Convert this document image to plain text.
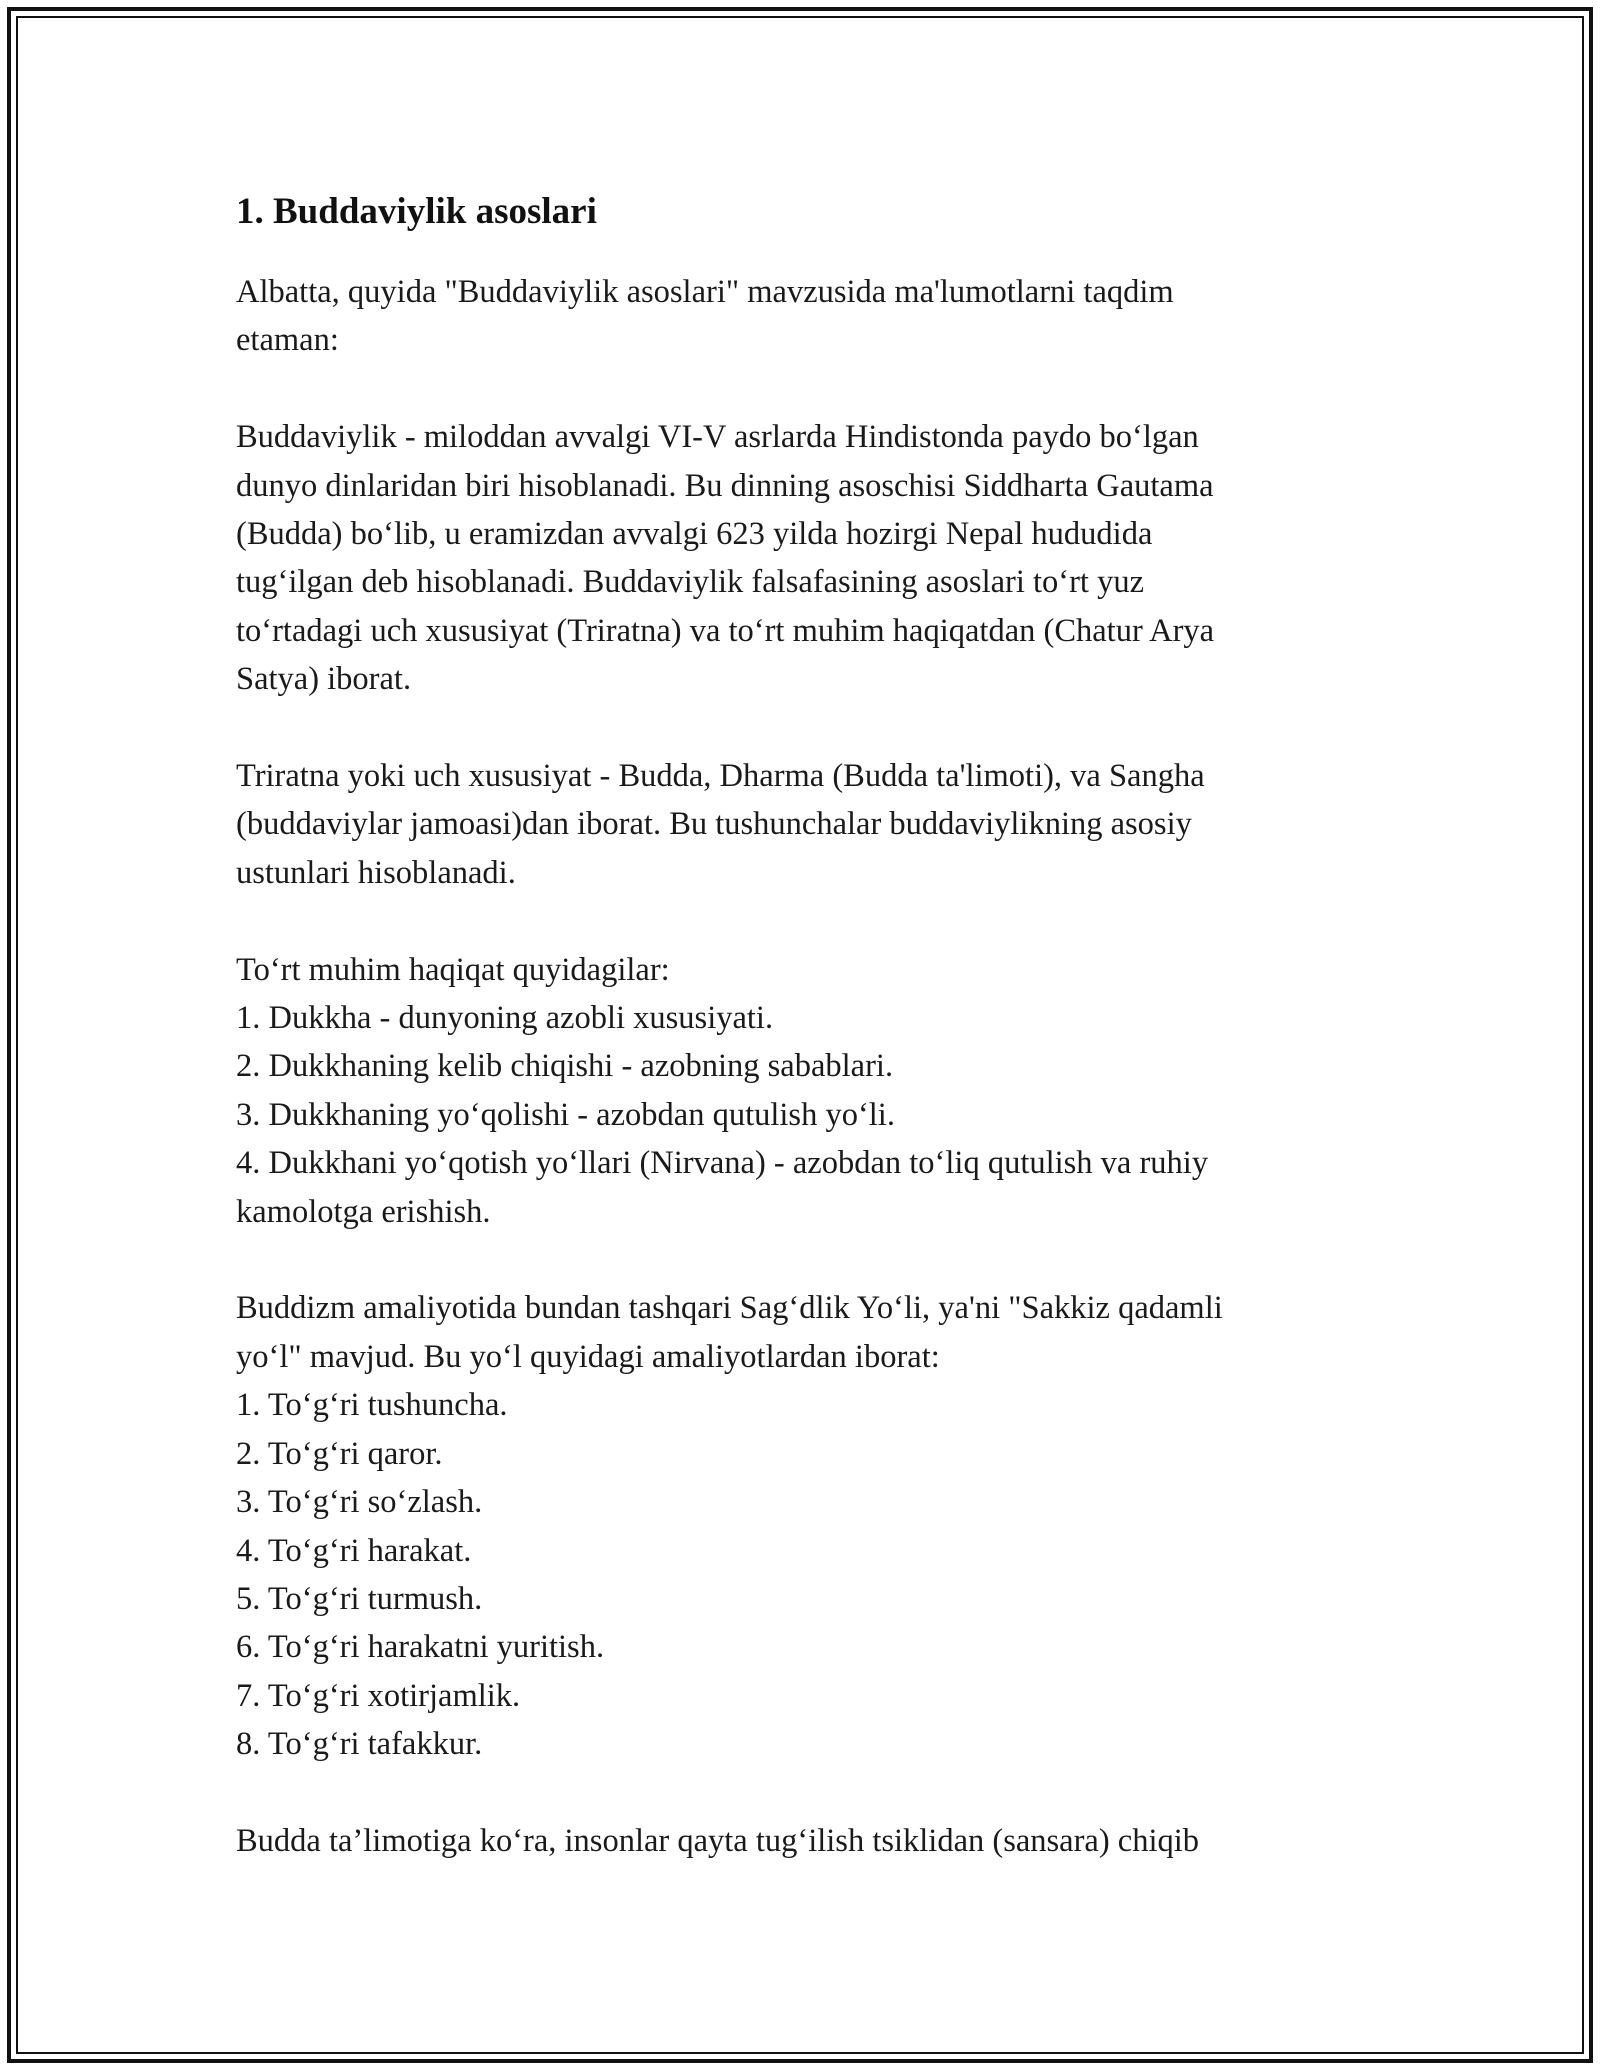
1. Buddaviylik asoslari

Albatta, quyida "Buddaviylik asoslari" mavzusida ma'lumotlarni taqdim
etaman:

Buddaviylik - miloddan avvalgi VI-V asrlarda Hindistonda paydo bo‘lgan
dunyo dinlaridan biri hisoblanadi. Bu dinning asoschisi Siddharta Gautama
(Budda) bo‘lib, u eramizdan avvalgi 623 yilda hozirgi Nepal hududida
tug‘ilgan deb hisoblanadi. Buddaviylik falsafasining asoslari to‘rt yuz
to‘rtadagi uch xususiyat (Triratna) va to‘rt muhim haqiqatdan (Chatur Arya
Satya) iborat.

Triratna yoki uch xususiyat - Budda, Dharma (Budda ta'limoti), va Sangha
(buddaviylar jamoasi)dan iborat. Bu tushunchalar buddaviylikning asosiy
ustunlari hisoblanadi.

To‘rt muhim haqiqat quyidagilar:

1. Dukkha - dunyoning azobli xususiyati.

2. Dukkhaning kelib chiqishi - azobning sabablari.

3. Dukkhaning yo‘qolishi - azobdan qutulish yo‘li.

4. Dukkhani yo‘qotish yo‘llari (Nirvana) - azobdan to‘liq qutulish va ruhiy
kamolotga erishish.

Buddizm amaliyotida bundan tashqari Sag‘dlik Yo‘li, ya'ni "Sakkiz qadamli
yo‘l" mavjud. Bu yo‘l quyidagi amaliyotlardan iborat:

1. To‘g‘ri tushuncha.

2. To‘g‘ri qaror.

3. To‘g‘ri so‘zlash.

4. To‘g‘ri harakat.

5. To‘g‘ri turmush.

6. To‘g‘ri harakatni yuritish.

7. To‘g‘ri xotirjamlik.

8. To‘g‘ri tafakkur.

Budda ta’limotiga ko‘ra, insonlar qayta tug‘ilish tsiklidan (sansara) chiqib
